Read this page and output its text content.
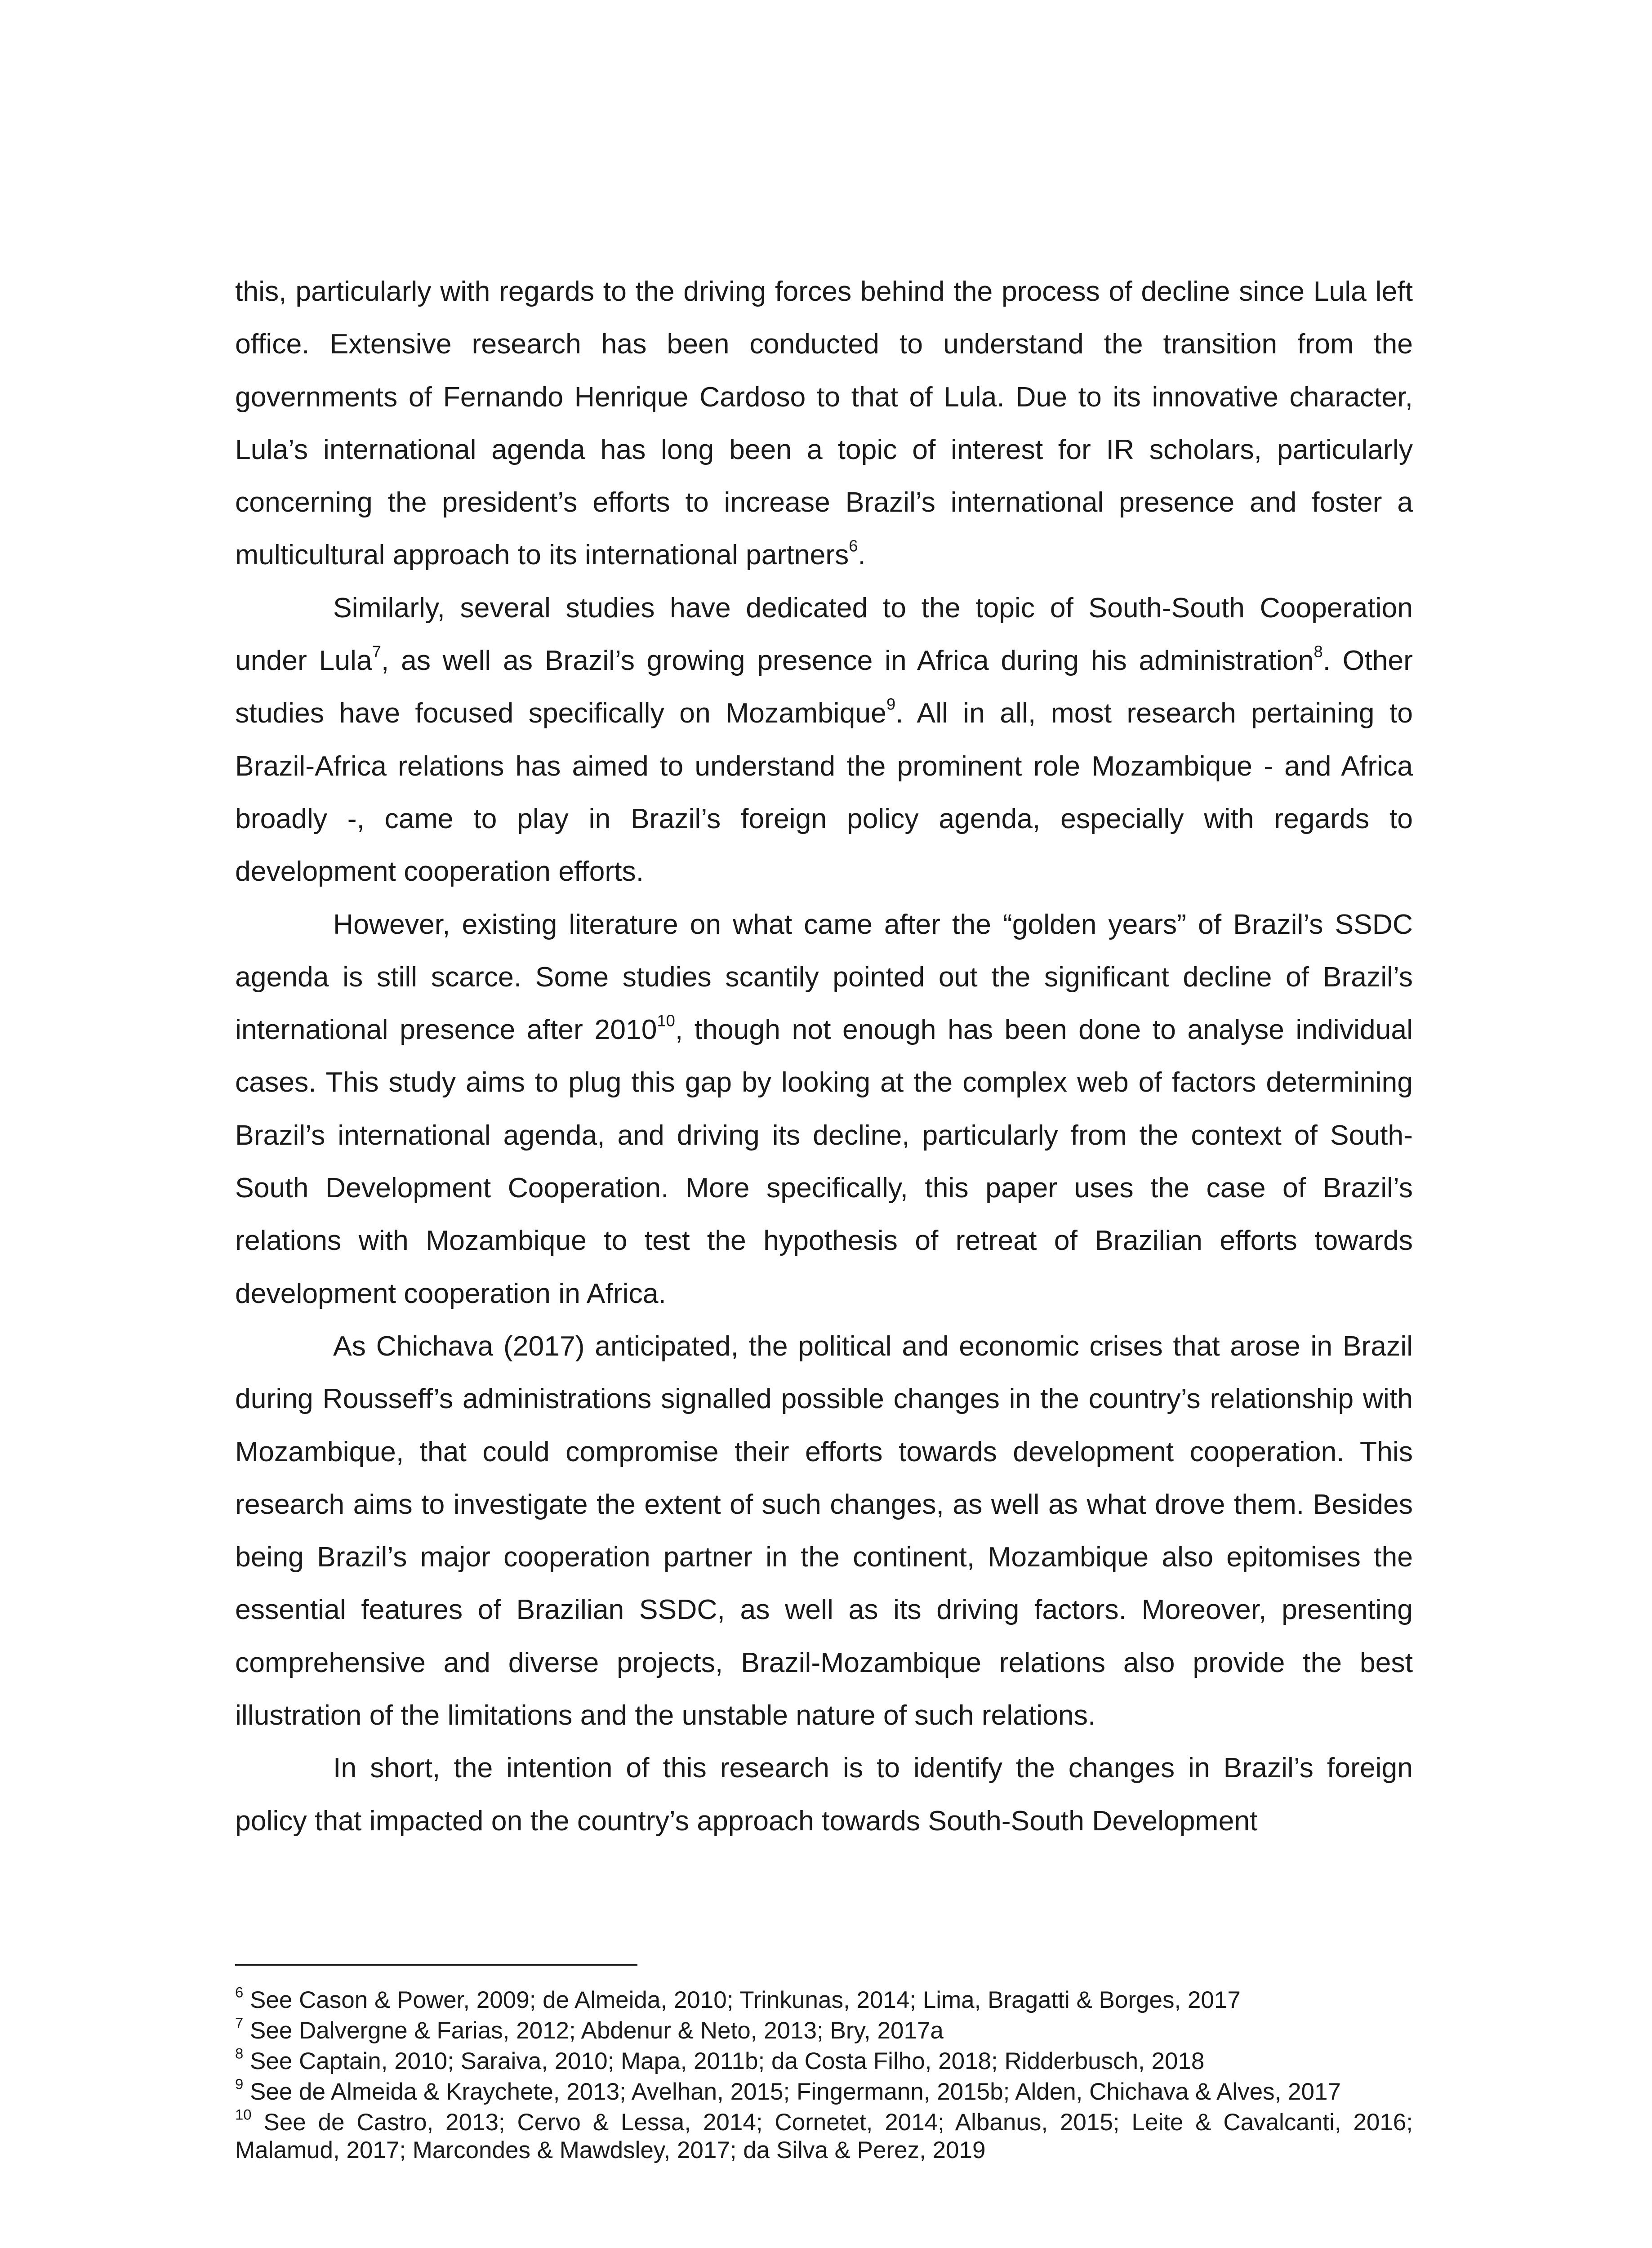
this, particularly with regards to the driving forces behind the process of decline since Lula left office. Extensive research has been conducted to understand the transition from the governments of Fernando Henrique Cardoso to that of Lula. Due to its innovative character, Lula’s international agenda has long been a topic of interest for IR scholars, particularly concerning the president’s efforts to increase Brazil’s international presence and foster a multicultural approach to its international partners$^6$.

Similarly, several studies have dedicated to the topic of South-South Cooperation under Lula$^7$, as well as Brazil’s growing presence in Africa during his administration$^8$. Other studies have focused specifically on Mozambique$^9$. All in all, most research pertaining to Brazil-Africa relations has aimed to understand the prominent role Mozambique - and Africa broadly -, came to play in Brazil’s foreign policy agenda, especially with regards to development cooperation efforts.

However, existing literature on what came after the “golden years” of Brazil’s SSDC agenda is still scarce. Some studies scantily pointed out the significant decline of Brazil’s international presence after 2010$^{10}$, though not enough has been done to analyse individual cases. This study aims to plug this gap by looking at the complex web of factors determining Brazil’s international agenda, and driving its decline, particularly from the context of South-South Development Cooperation. More specifically, this paper uses the case of Brazil’s relations with Mozambique to test the hypothesis of retreat of Brazilian efforts towards development cooperation in Africa.

As Chichava (2017) anticipated, the political and economic crises that arose in Brazil during Rousseff’s administrations signalled possible changes in the country’s relationship with Mozambique, that could compromise their efforts towards development cooperation. This research aims to investigate the extent of such changes, as well as what drove them. Besides being Brazil’s major cooperation partner in the continent, Mozambique also epitomises the essential features of Brazilian SSDC, as well as its driving factors. Moreover, presenting comprehensive and diverse projects, Brazil-Mozambique relations also provide the best illustration of the limitations and the unstable nature of such relations.

In short, the intention of this research is to identify the changes in Brazil’s foreign policy that impacted on the country’s approach towards South-South Development

$^6$ See Cason & Power, 2009; de Almeida, 2010; Trinkunas, 2014; Lima, Bragatti & Borges, 2017
$^7$ See Dalvergne & Farias, 2012; Abdenur & Neto, 2013; Bry, 2017a
$^8$ See Captain, 2010; Saraiva, 2010; Mapa, 2011b; da Costa Filho, 2018; Ridderbusch, 2018
$^9$ See de Almeida & Kraychete, 2013; Avelhan, 2015; Fingermann, 2015b; Alden, Chichava & Alves, 2017
$^{10}$ See de Castro, 2013; Cervo & Lessa, 2014; Cornetet, 2014; Albanus, 2015; Leite & Cavalcanti, 2016; Malamud, 2017; Marcondes & Mawdsley, 2017; da Silva & Perez, 2019
